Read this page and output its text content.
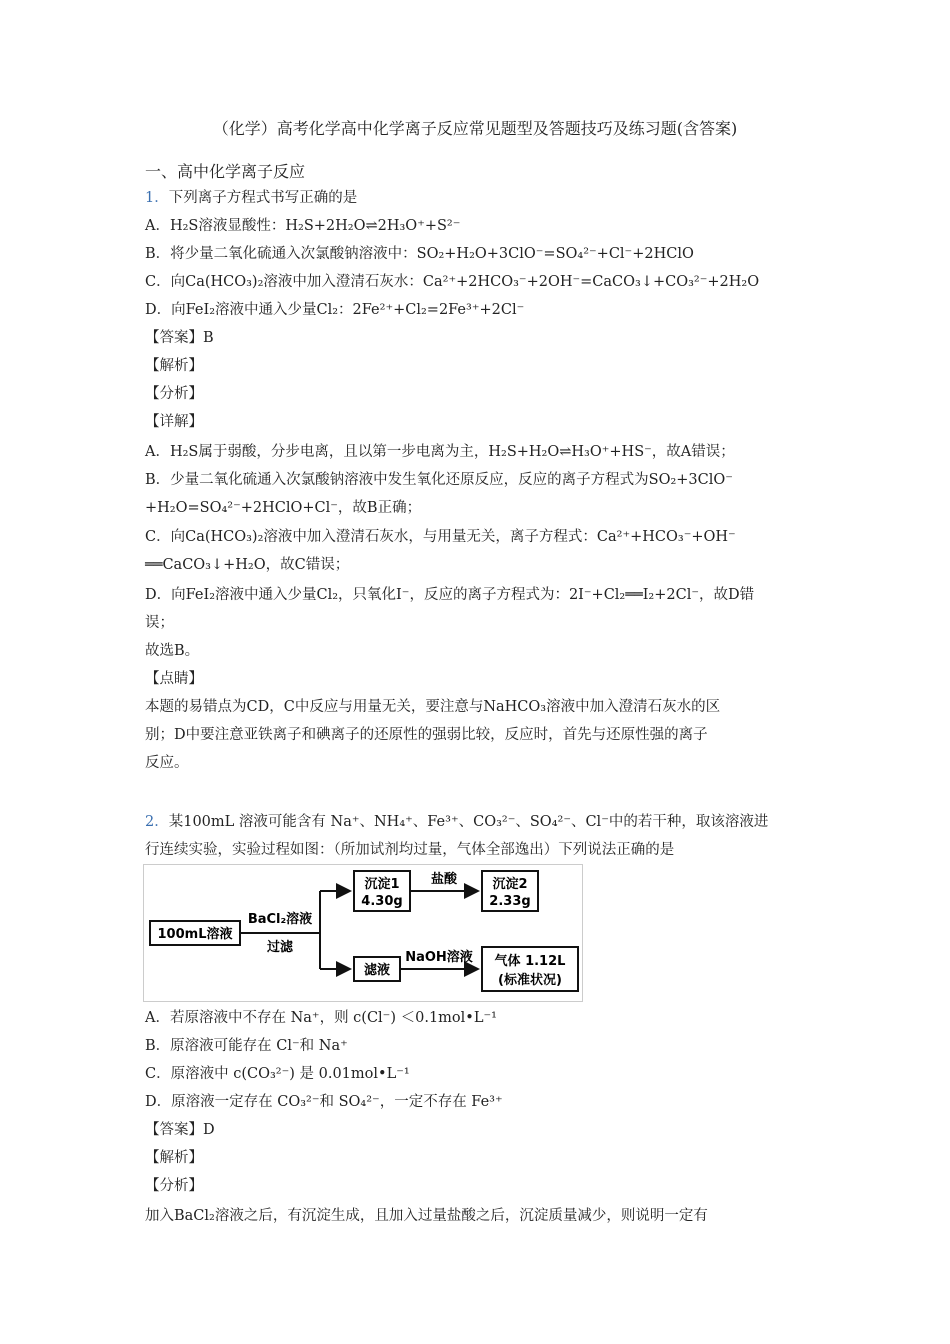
（化学）高考化学高中化学离子反应常见题型及答题技巧及练习题(含答案)
一、高中化学离子反应
1．下列离子方程式书写正确的是
A．H₂S溶液显酸性：H₂S+2H₂O⇌2H₃O⁺+S²⁻
B．将少量二氧化硫通入次氯酸钠溶液中：SO₂+H₂O+3ClO⁻=SO₄²⁻+Cl⁻+2HClO
C．向Ca(HCO₃)₂溶液中加入澄清石灰水：Ca²⁺+2HCO₃⁻+2OH⁻=CaCO₃↓+CO₃²⁻+2H₂O
D．向FeI₂溶液中通入少量Cl₂：2Fe²⁺+Cl₂=2Fe³⁺+2Cl⁻
【答案】B
【解析】
【分析】
【详解】
A．H₂S属于弱酸，分步电离，且以第一步电离为主，H₂S+H₂O⇌H₃O⁺+HS⁻，故A错误；
B．少量二氧化硫通入次氯酸钠溶液中发生氧化还原反应，反应的离子方程式为SO₂+3ClO⁻
+H₂O=SO₄²⁻+2HClO+Cl⁻，故B正确；
C．向Ca(HCO₃)₂溶液中加入澄清石灰水，与用量无关，离子方程式：Ca²⁺+HCO₃⁻+OH⁻
══CaCO₃↓+H₂O，故C错误；
D．向FeI₂溶液中通入少量Cl₂，只氧化I⁻，反应的离子方程式为：2I⁻+Cl₂══I₂+2Cl⁻，故D错
误；
故选B。
【点睛】
本题的易错点为CD，C中反应与用量无关，要注意与NaHCO₃溶液中加入澄清石灰水的区
别；D中要注意亚铁离子和碘离子的还原性的强弱比较，反应时，首先与还原性强的离子
反应。
2．某100mL 溶液可能含有 Na⁺、NH₄⁺、Fe³⁺、CO₃²⁻、SO₄²⁻、Cl⁻中的若干种，取该溶液进
行连续实验，实验过程如图：（所加试剂均过量，气体全部逸出）下列说法正确的是
100mL溶液
BaCl₂溶液
过滤
沉淀1
4.30g
盐酸	沉淀2
2.33g
滤液
NaOH溶液 气体 1.12L
(标准状况)
A．若原溶液中不存在 Na⁺，则 c(Cl⁻) ＜0.1mol•L⁻¹
B．原溶液可能存在 Cl⁻和 Na⁺
C．原溶液中 c(CO₃²⁻) 是 0.01mol•L⁻¹
D．原溶液一定存在 CO₃²⁻和 SO₄²⁻，一定不存在 Fe³⁺
【答案】D
【解析】
【分析】
加入BaCl₂溶液之后，有沉淀生成，且加入过量盐酸之后，沉淀质量减少，则说明一定有
